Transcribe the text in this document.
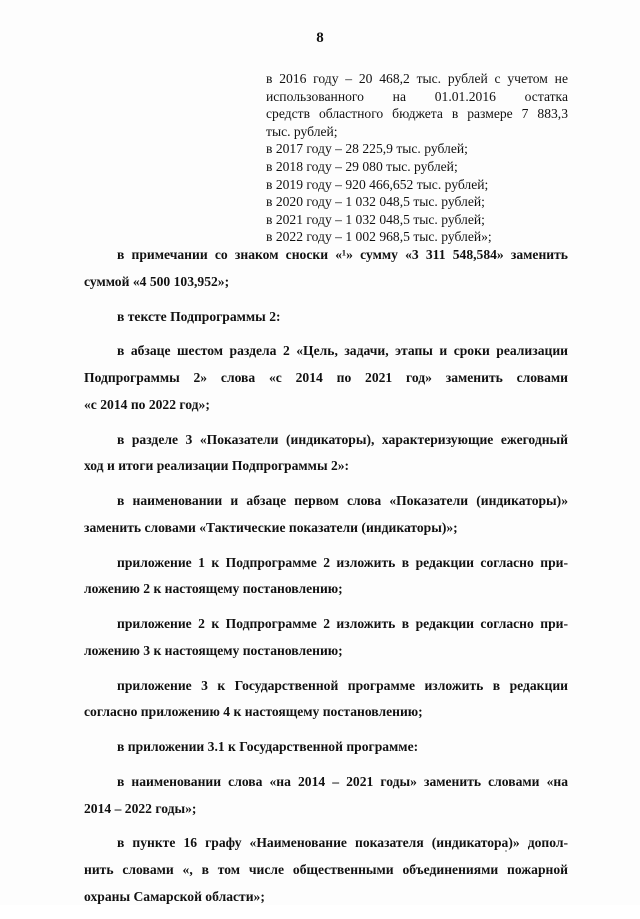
8
в 2016 году – 20 468,2 тыс. рублей с учетом не
использованного на 01.01.2016 остатка
средств областного бюджета в размере 7 883,3
тыс. рублей;
в 2017 году – 28 225,9 тыс. рублей;
в 2018 году – 29 080 тыс. рублей;
в 2019 году – 920 466,652 тыс. рублей;
в 2020 году – 1 032 048,5 тыс. рублей;
в 2021 году – 1 032 048,5 тыс. рублей;
в 2022 году – 1 002 968,5 тыс. рублей»;
в примечании со знаком сноски «¹» сумму «3 311 548,584» заменить
суммой «4 500 103,952»;
в тексте Подпрограммы 2:
в абзаце шестом раздела 2 «Цель, задачи, этапы и сроки реализации
Подпрограммы 2» слова «с 2014 по 2021 год» заменить словами
«с 2014 по 2022 год»;
в разделе 3 «Показатели (индикаторы), характеризующие ежегодный
ход и итоги реализации Подпрограммы 2»:
в наименовании и абзаце первом слова «Показатели (индикаторы)»
заменить словами «Тактические показатели (индикаторы)»;
приложение 1 к Подпрограмме 2 изложить в редакции согласно при-
ложению 2 к настоящему постановлению;
приложение 2 к Подпрограмме 2 изложить в редакции согласно при-
ложению 3 к настоящему постановлению;
приложение 3 к Государственной программе изложить в редакции
согласно приложению 4 к настоящему постановлению;
в приложении 3.1 к Государственной программе:
в наименовании слова «на 2014 – 2021 годы» заменить словами «на
2014 – 2022 годы»;
в пункте 16 графу «Наименование показателя (индикатора)» допол-
нить словами «, в том числе общественными объединениями пожарной
охраны Самарской области»;
